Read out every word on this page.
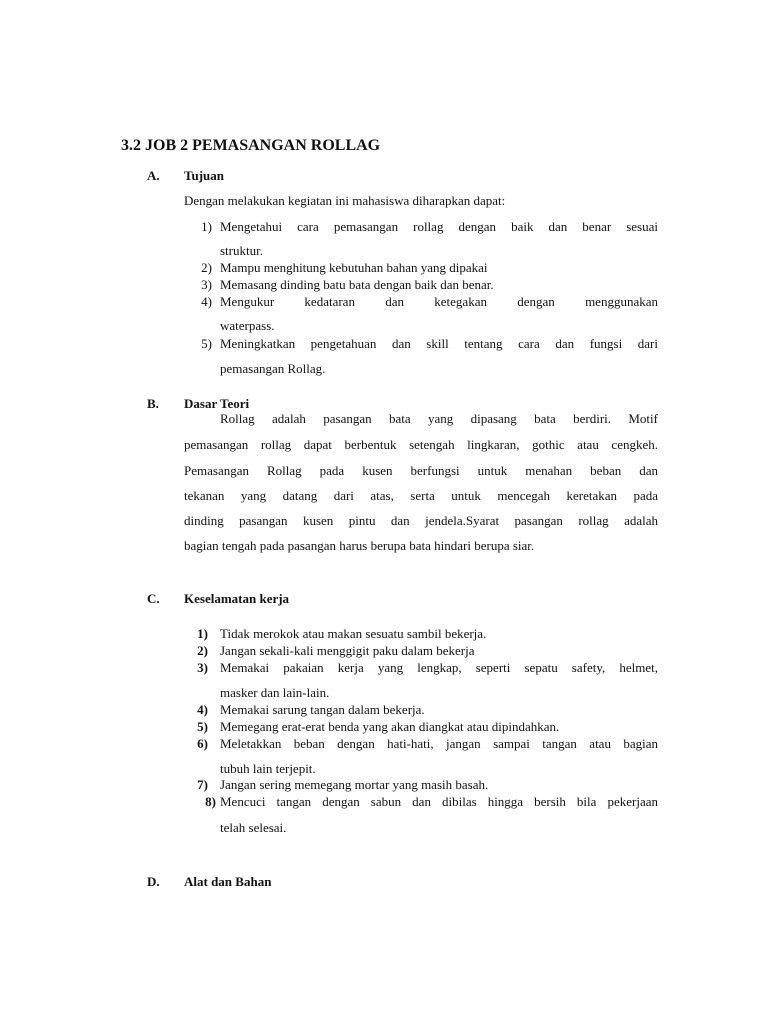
3.2 JOB 2 PEMASANGAN ROLLAG
A. Tujuan
Dengan melakukan kegiatan ini mahasiswa diharapkan dapat:
1) Mengetahui cara pemasangan rollag dengan baik dan benar sesuai
struktur.
2) Mampu menghitung kebutuhan bahan yang dipakai
3) Memasang dinding batu bata dengan baik dan benar.
4) Mengukur kedataran dan ketegakan dengan menggunakan
waterpass.
5) Meningkatkan pengetahuan dan skill tentang cara dan fungsi dari
pemasangan Rollag.
B. Dasar Teori
Rollag adalah pasangan bata yang dipasang bata berdiri. Motif
pemasangan rollag dapat berbentuk setengah lingkaran, gothic atau cengkeh.
Pemasangan Rollag pada kusen berfungsi untuk menahan beban dan
tekanan yang datang dari atas, serta untuk mencegah keretakan pada
dinding pasangan kusen pintu dan jendela.Syarat pasangan rollag adalah
bagian tengah pada pasangan harus berupa bata hindari berupa siar.
C. Keselamatan kerja
1) Tidak merokok atau makan sesuatu sambil bekerja.
2) Jangan sekali-kali menggigit paku dalam bekerja
3) Memakai pakaian kerja yang lengkap, seperti sepatu safety, helmet,
masker dan lain-lain.
4) Memakai sarung tangan dalam bekerja.
5) Memegang erat-erat benda yang akan diangkat atau dipindahkan.
6) Meletakkan beban dengan hati-hati, jangan sampai tangan atau bagian
tubuh lain terjepit.
7) Jangan sering memegang mortar yang masih basah.
8) Mencuci tangan dengan sabun dan dibilas hingga bersih bila pekerjaan
telah selesai.
D. Alat dan Bahan
